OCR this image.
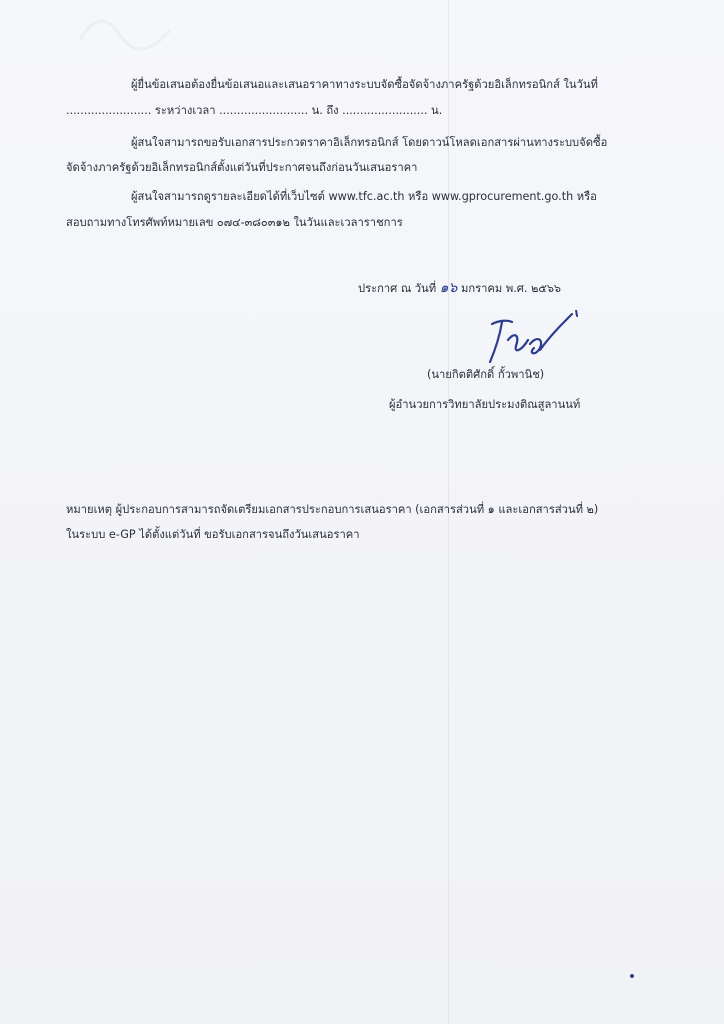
ผู้ยื่นข้อเสนอต้องยื่นข้อเสนอและเสนอราคาทางระบบจัดซื้อจัดจ้างภาครัฐด้วยอิเล็กทรอนิกส์ ในวันที่
........................ ระหว่างเวลา ......................... น. ถึง ........................ น.
ผู้สนใจสามารถขอรับเอกสารประกวดราคาอิเล็กทรอนิกส์ โดยดาวน์โหลดเอกสารผ่านทางระบบจัดซื้อ
จัดจ้างภาครัฐด้วยอิเล็กทรอนิกส์ตั้งแต่วันที่ประกาศจนถึงก่อนวันเสนอราคา
ผู้สนใจสามารถดูรายละเอียดได้ที่เว็บไซต์ www.tfc.ac.th หรือ www.gprocurement.go.th หรือ
สอบถามทางโทรศัพท์หมายเลข ๐๗๔-๓๘๐๓๑๒ ในวันและเวลาราชการ
ประกาศ ณ วันที่ ๑๖ มกราคม พ.ศ. ๒๕๖๖
(นายกิตติศักดิ์ กั้วพานิช)
ผู้อำนวยการวิทยาลัยประมงติณสูลานนท์
หมายเหตุ ผู้ประกอบการสามารถจัดเตรียมเอกสารประกอบการเสนอราคา (เอกสารส่วนที่ ๑ และเอกสารส่วนที่ ๒)
ในระบบ e-GP ได้ตั้งแต่วันที่ ขอรับเอกสารจนถึงวันเสนอราคา
